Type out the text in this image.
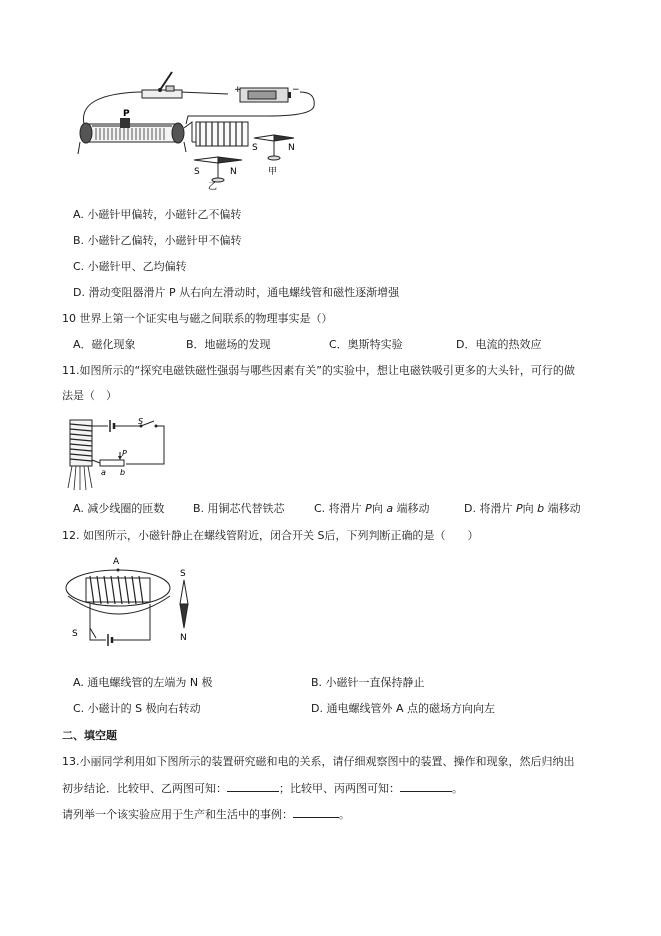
+	−
P
S	N
S	N
乙
甲
A. 小磁针甲偏转，小磁针乙不偏转
B. 小磁针乙偏转，小磁针甲不偏转
C. 小磁针甲、乙均偏转
D. 滑动变阻器滑片 P 从右向左滑动时，通电螺线管和磁性逐渐增强
10 世界上第一个证实电与磁之间联系的物理事实是（）
A．磁化现象	B．地磁场的发现	C．奥斯特实验	D．电流的热效应
11.如图所示的“探究电磁铁磁性强弱与哪些因素有关”的实验中，想让电磁铁吸引更多的大头针，可行的做
法是（　）
S
P
a b
A. 减少线圈的匝数	B. 用铜芯代替铁芯	C. 将滑片 P向 a 端移动	D. 将滑片 P向 b 端移动
12. 如图所示，小磁针静止在螺线管附近，闭合开关 S后，下列判断正确的是（　　）
A
S
S
N
A. 通电螺线管的左端为 N 极	B. 小磁针一直保持静止
C. 小磁计的 S 极向右转动	D. 通电螺线管外 A 点的磁场方向向左
二、填空题
13.小丽同学利用如下图所示的装置研究磁和电的关系，请仔细观察图中的装置、操作和现象，然后归纳出
初步结论．比较甲、乙两图可知：	；比较甲、丙两图可知：	。
请列举一个该实验应用于生产和生活中的事例：	。
